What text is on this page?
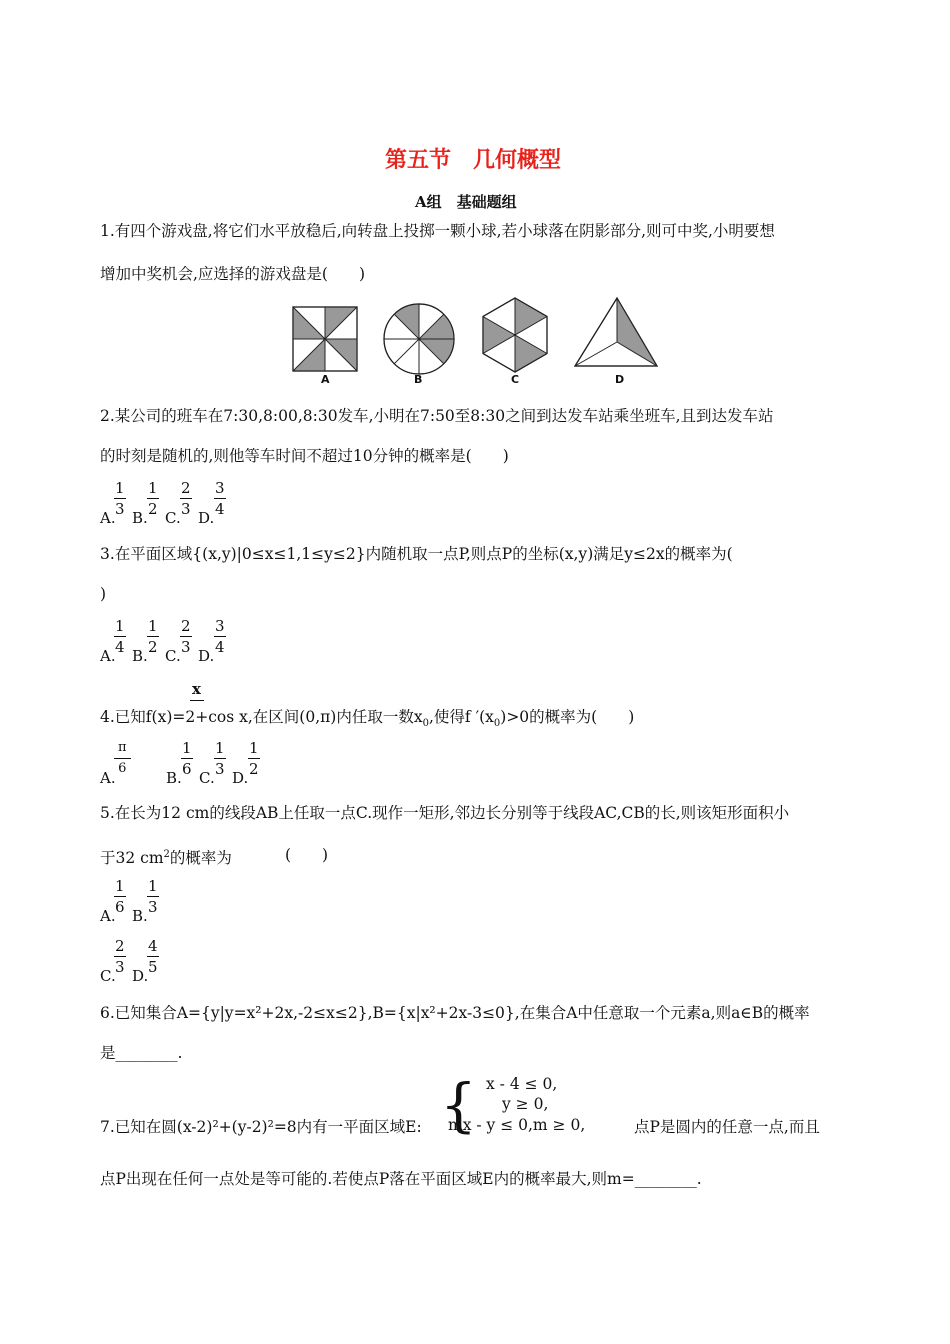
第五节　几何概型
A组　基础题组
1.有四个游戏盘,将它们水平放稳后,向转盘上投掷一颗小球,若小球落在阴影部分,则可中奖,小明要想
增加中奖机会,应选择的游戏盘是(　　)
A	B	C	D
2.某公司的班车在7:30,8:00,8:30发车,小明在7:50至8:30之间到达发车站乘坐班车,且到达发车站
的时刻是随机的,则他等车时间不超过10分钟的概率是(　　)
A.
$\frac{1}{3}$
B.
$\frac{1}{2}$
C.
$\frac{2}{3}$
D.
$\frac{3}{4}$
3.在平面区域{(x,y)|0≤x≤1,1≤y≤2}内随机取一点P,则点P的坐标(x,y)满足y≤2x的概率为(
)
A.
$\frac{1}{4}$
B.
$\frac{1}{2}$
C.
$\frac{2}{3}$
D.
$\frac{3}{4}$
x
4.已知f(x)=2+cos x,在区间(0,π)内任取一数$x_0$,使得f $'(x_0)>0$的概率为(　　)
A.
$\frac{\pi}{6}$
B.
$\frac{1}{6}$
C.
$\frac{1}{3}$
D.
$\frac{1}{2}$
5.在长为12 cm的线段AB上任取一点C.现作一矩形,邻边长分别等于线段AC,CB的长,则该矩形面积小
于32 $cm^2$的概率为	(　　)
A.
$\frac{1}{6}$
B.
$\frac{1}{3}$
C.
$\frac{2}{3}$
D.
$\frac{4}{5}$
6.已知集合A={y|y=x²+2x,-2≤x≤2},B={x|x²+2x-3≤0},在集合A中任意取一个元素a,则a∈B的概率
是________.
{ x - 4 ≤ 0,
y ≥ 0,
mx - y ≤ 0,m ≥ 0,
7.已知在圆(x-2)²+(y-2)²=8内有一平面区域E:	点P是圆内的任意一点,而且
点P出现在任何一点处是等可能的.若使点P落在平面区域E内的概率最大,则m=________.
